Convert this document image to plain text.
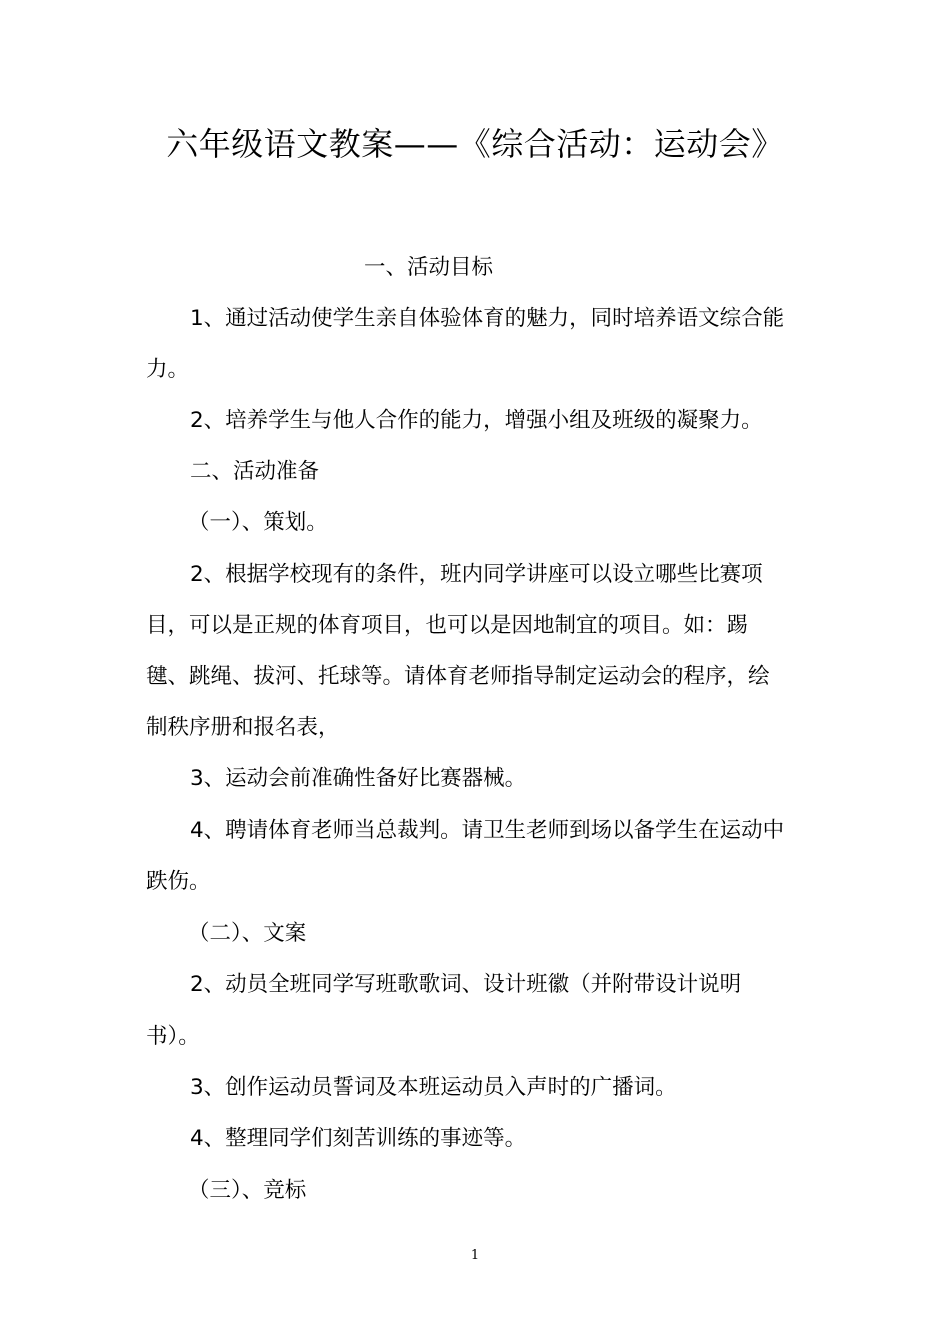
六年级语文教案——《综合活动：运动会》
一、活动目标
1、通过活动使学生亲自体验体育的魅力，同时培养语文综合能
力。
2、培养学生与他人合作的能力，增强小组及班级的凝聚力。
二、活动准备
（一）、策划。
2、根据学校现有的条件，班内同学讲座可以设立哪些比赛项
目，可以是正规的体育项目，也可以是因地制宜的项目。如：踢
毽、跳绳、拔河、托球等。请体育老师指导制定运动会的程序，绘
制秩序册和报名表，
3、运动会前准确性备好比赛器械。
4、聘请体育老师当总裁判。请卫生老师到场以备学生在运动中
跌伤。
（二）、文案
2、动员全班同学写班歌歌词、设计班徽（并附带设计说明
书）。
3、创作运动员誓词及本班运动员入声时的广播词。
4、整理同学们刻苦训练的事迹等。
（三）、竞标
1
